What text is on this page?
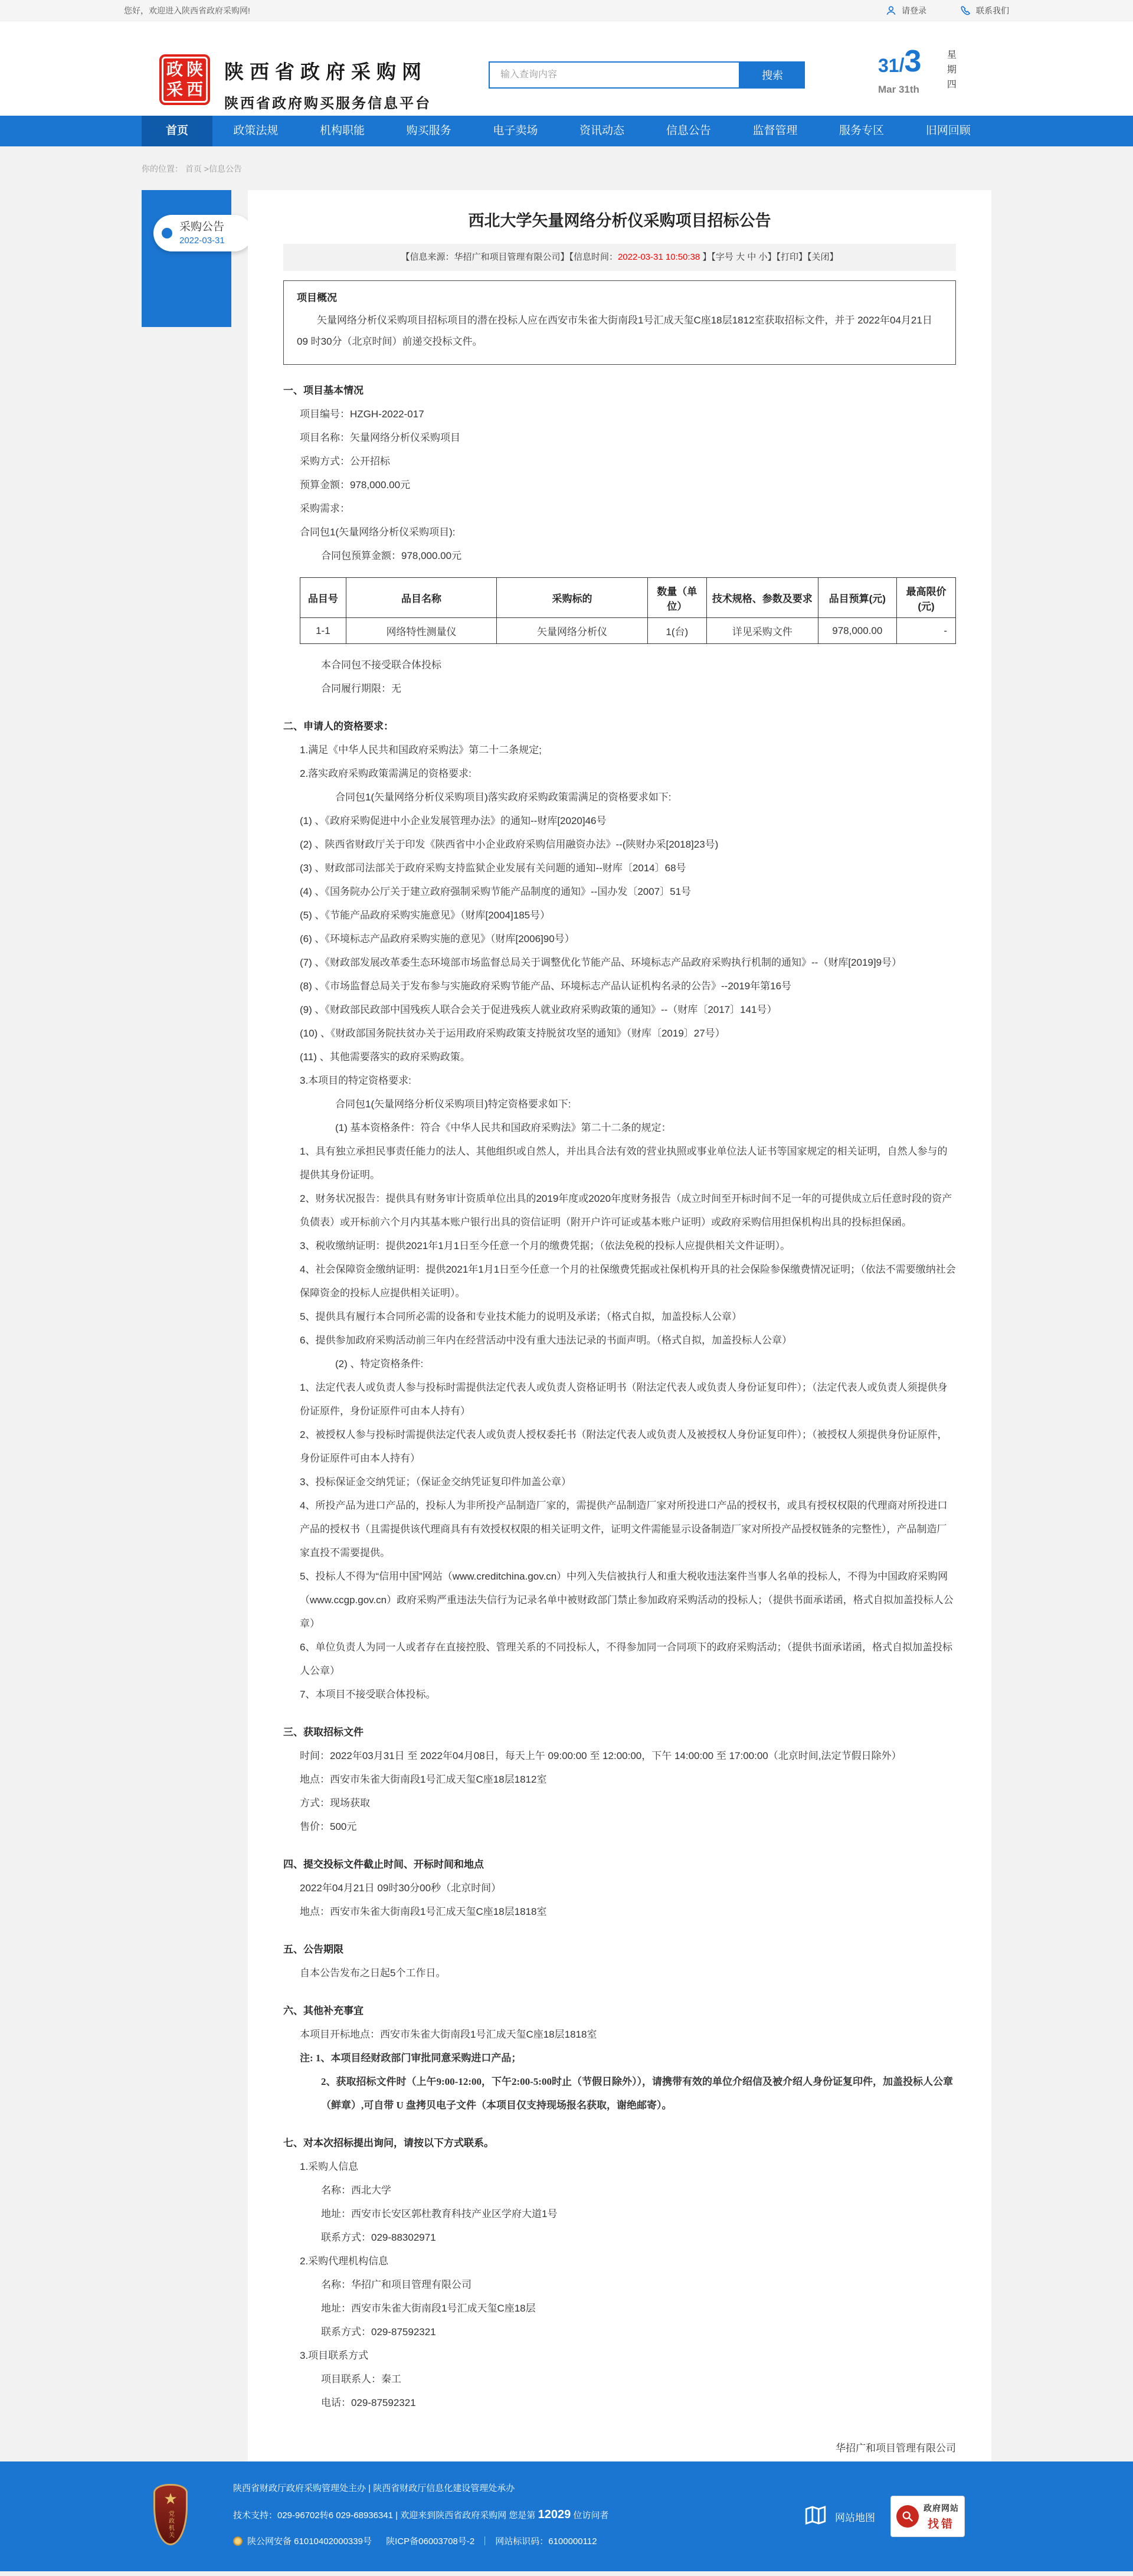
您好，欢迎进入陕西省政府采购网!	请登录	联系我们
政 陕
采 西
陕西省政府采购网
陕西省政府购买服务信息平台
输入查询内容
搜索	31 / 3
Mar 31th	星期四
首页	政策法规	机构职能	购买服务	电子卖场	资讯动态	信息公告	监督管理	服务专区	旧网回顾
你的位置： 首页 >信息公告
采购公告
2022-03-31
西北大学矢量网络分析仪采购项目招标公告
【信息来源：华招广和项目管理有限公司】【信息时间：2022-03-31 10:50:38 】【字号 大 中 小】【打印】【关闭】
项目概况
矢量网络分析仪采购项目招标项目的潜在投标人应在西安市朱雀大街南段1号汇成天玺C座18层1812室获取招标文件，并于 2022年04月21日 09 时30分（北京时间）前递交投标文件。
一、项目基本情况
项目编号：HZGH-2022-017
项目名称：矢量网络分析仪采购项目
采购方式：公开招标
预算金额：978,000.00元
采购需求：
合同包1(矢量网络分析仪采购项目):
合同包预算金额：978,000.00元
品目号	品目名称	采购标的	数量（单位）	技术规格、参数及要求	品目预算(元)	最高限价(元)
1-1	网络特性测量仪	矢量网络分析仪	1(台)	详见采购文件	978,000.00	-
本合同包不接受联合体投标
合同履行期限：无
二、申请人的资格要求：
1.满足《中华人民共和国政府采购法》第二十二条规定;
2.落实政府采购政策需满足的资格要求:
合同包1(矢量网络分析仪采购项目)落实政府采购政策需满足的资格要求如下:
(1) 、《政府采购促进中小企业发展管理办法》的通知--财库[2020]46号
(2) 、陕西省财政厅关于印发《陕西省中小企业政府采购信用融资办法》--(陕财办采[2018]23号)
(3) 、财政部司法部关于政府采购支持监狱企业发展有关问题的通知--财库〔2014〕68号
(4) 、《国务院办公厅关于建立政府强制采购节能产品制度的通知》--国办发〔2007〕51号
(5) 、《节能产品政府采购实施意见》（财库[2004]185号）
(6) 、《环境标志产品政府采购实施的意见》（财库[2006]90号）
(7) 、《财政部发展改革委生态环境部市场监督总局关于调整优化节能产品、环境标志产品政府采购执行机制的通知》--（财库[2019]9号）
(8) 、《市场监督总局关于发布参与实施政府采购节能产品、环境标志产品认证机构名录的公告》--2019年第16号
(9) 、《财政部民政部中国残疾人联合会关于促进残疾人就业政府采购政策的通知》--（财库〔2017〕141号）
(10) 、《财政部国务院扶贫办关于运用政府采购政策支持脱贫攻坚的通知》（财库〔2019〕27号）
(11) 、其他需要落实的政府采购政策。
3.本项目的特定资格要求:
合同包1(矢量网络分析仪采购项目)特定资格要求如下:
(1) 基本资格条件：符合《中华人民共和国政府采购法》第二十二条的规定：
1、具有独立承担民事责任能力的法人、其他组织或自然人，并出具合法有效的营业执照或事业单位法人证书等国家规定的相关证明，自然人参与的提供其身份证明。
2、财务状况报告：提供具有财务审计资质单位出具的2019年度或2020年度财务报告（成立时间至开标时间不足一年的可提供成立后任意时段的资产负债表）或开标前六个月内其基本账户银行出具的资信证明（附开户许可证或基本账户证明）或政府采购信用担保机构出具的投标担保函。
3、税收缴纳证明：提供2021年1月1日至今任意一个月的缴费凭据；（依法免税的投标人应提供相关文件证明）。
4、社会保障资金缴纳证明：提供2021年1月1日至今任意一个月的社保缴费凭据或社保机构开具的社会保险参保缴费情况证明；（依法不需要缴纳社会保障资金的投标人应提供相关证明）。
5、提供具有履行本合同所必需的设备和专业技术能力的说明及承诺；（格式自拟，加盖投标人公章）
6、提供参加政府采购活动前三年内在经营活动中没有重大违法记录的书面声明。（格式自拟，加盖投标人公章）
(2) 、特定资格条件:
1、法定代表人或负责人参与投标时需提供法定代表人或负责人资格证明书（附法定代表人或负责人身份证复印件）；（法定代表人或负责人须提供身份证原件，身份证原件可由本人持有）
2、被授权人参与投标时需提供法定代表人或负责人授权委托书（附法定代表人或负责人及被授权人身份证复印件）；（被授权人须提供身份证原件，身份证原件可由本人持有）
3、投标保证金交纳凭证；（保证金交纳凭证复印件加盖公章）
4、所投产品为进口产品的，投标人为非所投产品制造厂家的，需提供产品制造厂家对所投进口产品的授权书，或具有授权权限的代理商对所投进口产品的授权书（且需提供该代理商具有有效授权权限的相关证明文件，证明文件需能显示设备制造厂家对所投产品授权链条的完整性），产品制造厂家直投不需要提供。
5、投标人不得为“信用中国”网站（www.creditchina.gov.cn）中列入失信被执行人和重大税收违法案件当事人名单的投标人，不得为中国政府采购网（www.ccgp.gov.cn）政府采购严重违法失信行为记录名单中被财政部门禁止参加政府采购活动的投标人；（提供书面承诺函，格式自拟加盖投标人公章）
6、单位负责人为同一人或者存在直接控股、管理关系的不同投标人，不得参加同一合同项下的政府采购活动；（提供书面承诺函，格式自拟加盖投标人公章）
7、本项目不接受联合体投标。
三、获取招标文件
时间：2022年03月31日 至 2022年04月08日，每天上午 09:00:00 至 12:00:00，下午 14:00:00 至 17:00:00（北京时间,法定节假日除外）
地点：西安市朱雀大街南段1号汇成天玺C座18层1812室
方式：现场获取
售价：500元
四、提交投标文件截止时间、开标时间和地点
2022年04月21日 09时30分00秒（北京时间）
地点：西安市朱雀大街南段1号汇成天玺C座18层1818室
五、公告期限
自本公告发布之日起5个工作日。
六、其他补充事宜
本项目开标地点：西安市朱雀大街南段1号汇成天玺C座18层1818室
注: 1、本项目经财政部门审批同意采购进口产品；
2、获取招标文件时（上午9:00-12:00，下午2:00-5:00时止（节假日除外）），请携带有效的单位介绍信及被介绍人身份证复印件，加盖投标人公章（鲜章）,可自带 U 盘拷贝电子文件（本项目仅支持现场报名获取，谢绝邮寄）。
七、对本次招标提出询问，请按以下方式联系。
1.采购人信息
名称：西北大学
地址：西安市长安区郭杜教育科技产业区学府大道1号
联系方式：029-88302971
2.采购代理机构信息
名称：华招广和项目管理有限公司
地址：西安市朱雀大街南段1号汇成天玺C座18层
联系方式：029-87592321
3.项目联系方式
项目联系人：秦工
电话：029-87592321
华招广和项目管理有限公司
★
党政机关
陕西省财政厅政府采购管理处主办 | 陕西省财政厅信息化建设管理处承办
技术支持：029-96702转6 029-68936341 | 欢迎来到陕西省政府采购网 您是第 12029 位访问者
陕公网安备 61010402000339号 陕ICP备06003708号-2 ｜ 网站标识码：6100000112
网站地图
政府网站
找错
